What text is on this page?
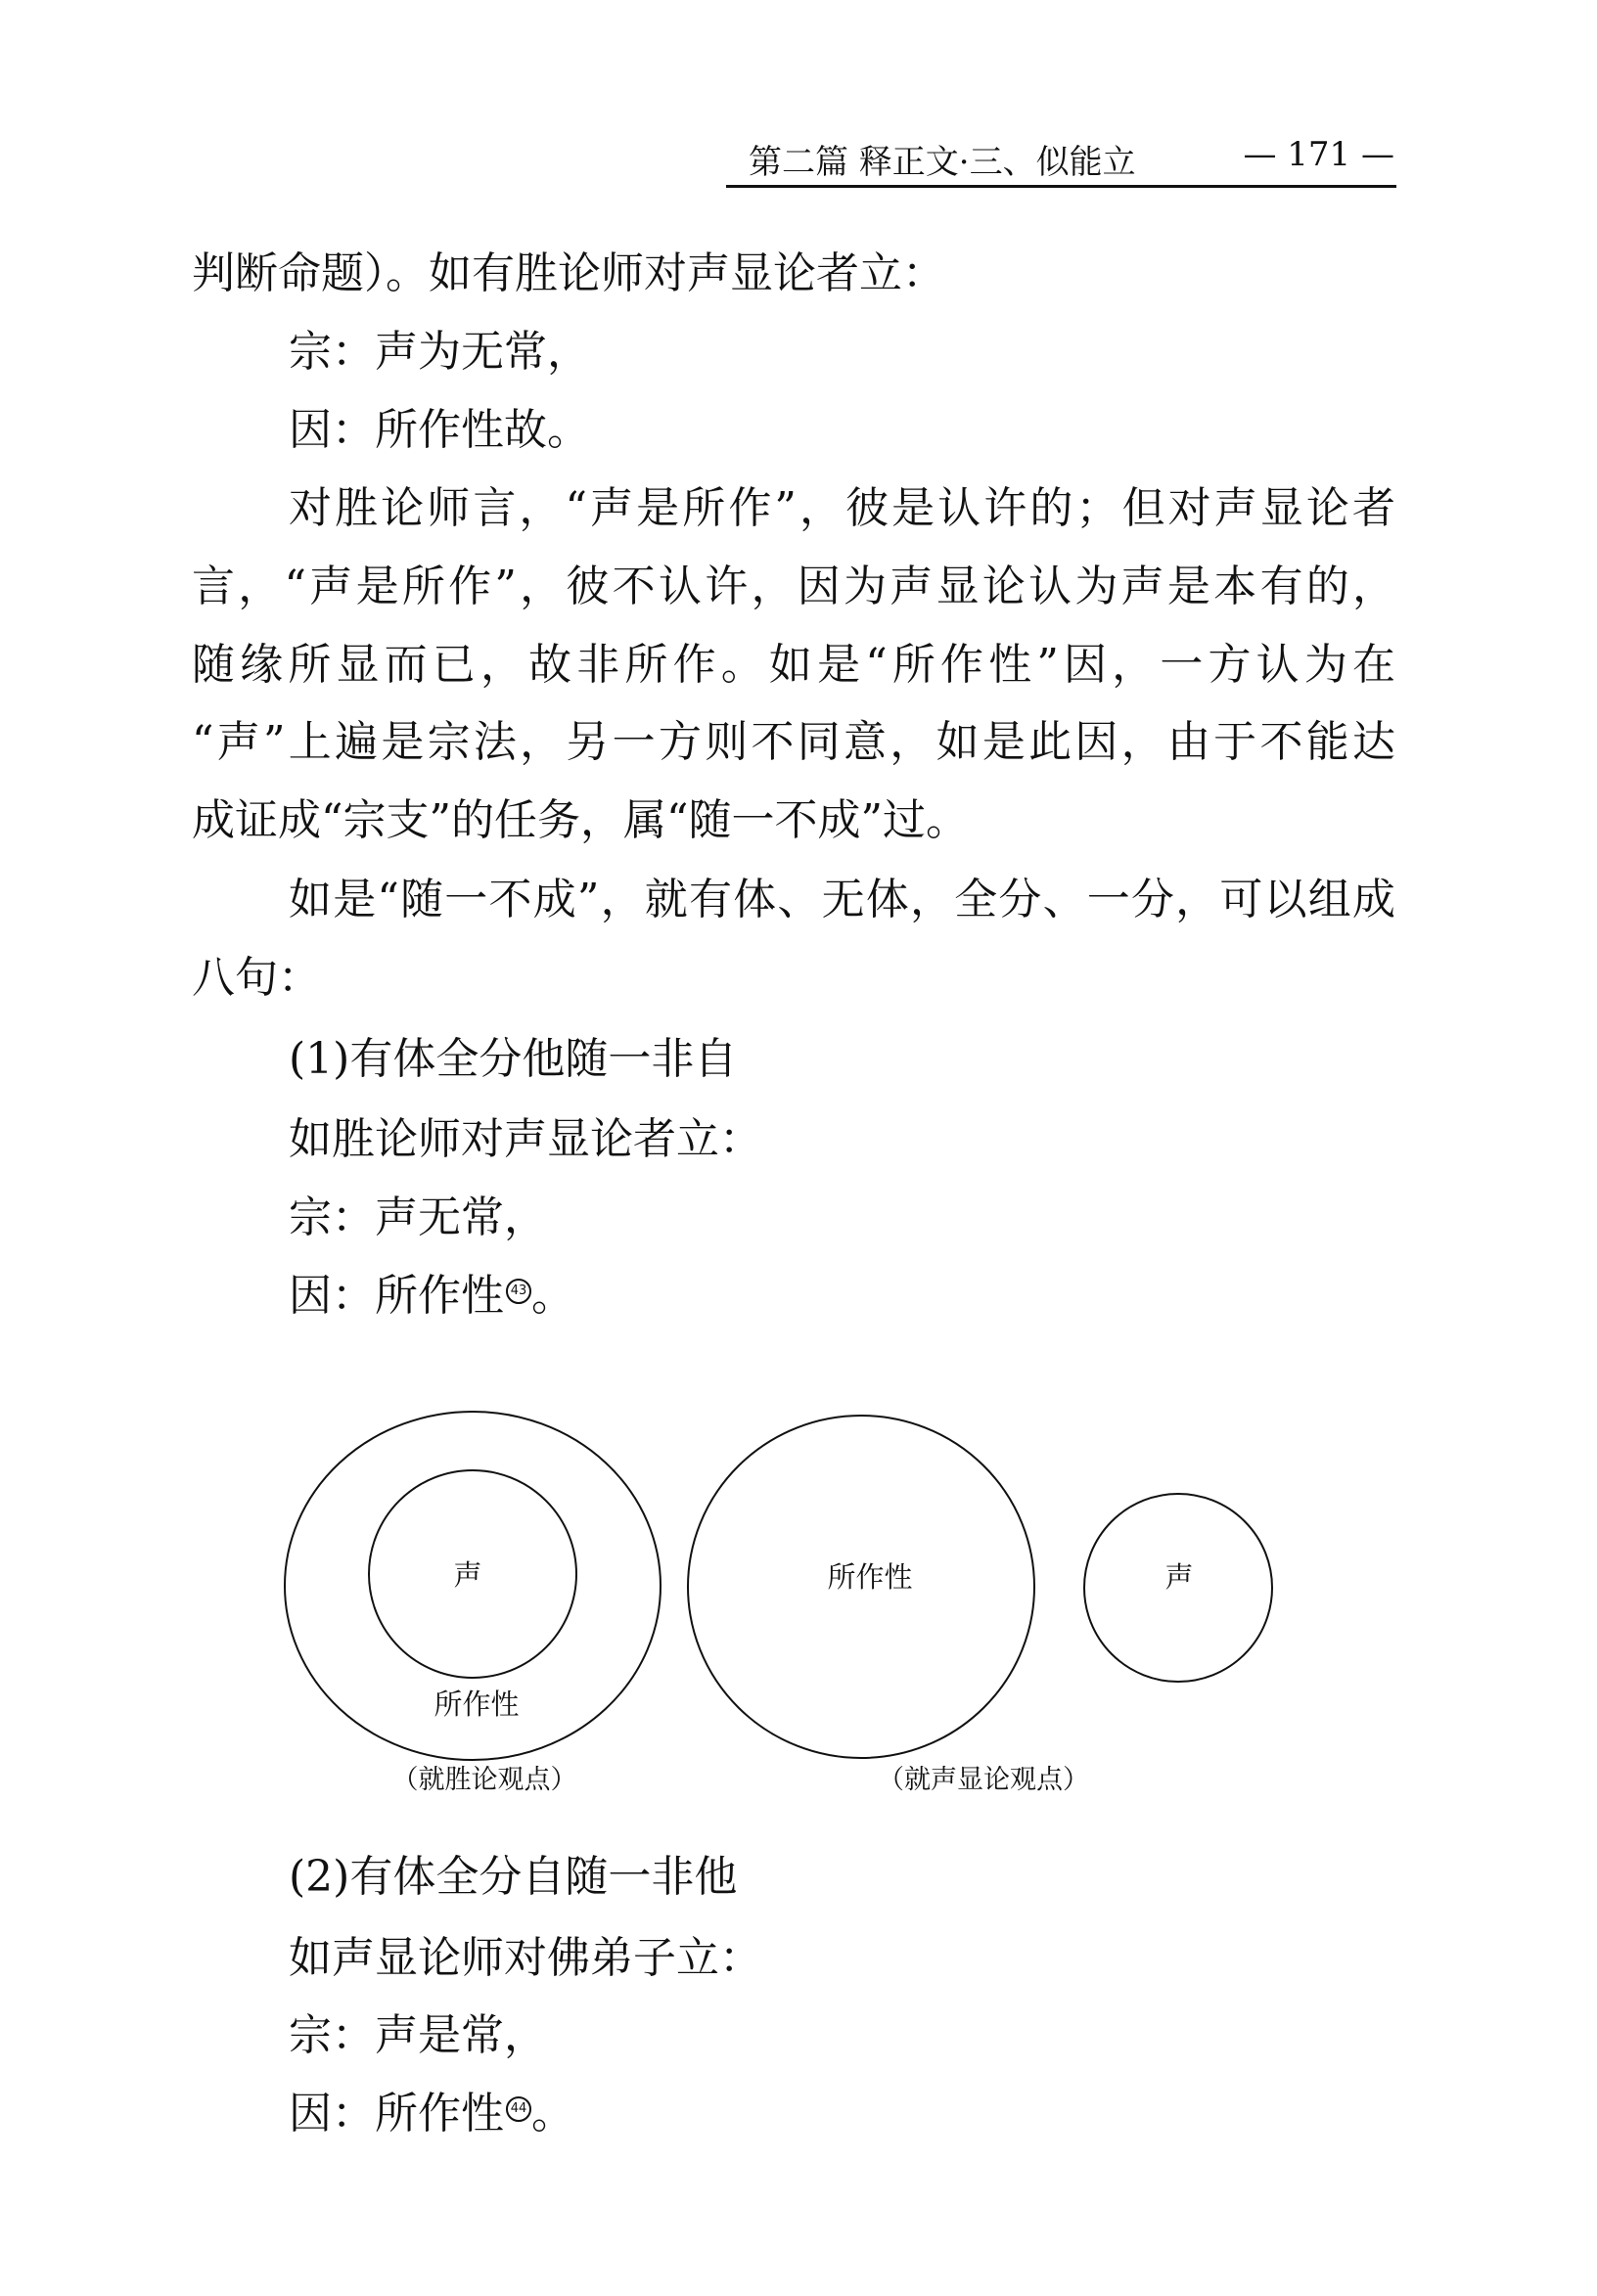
第二篇 释正文·三、似能立	— 171 —
判断命题）。如有胜论师对声显论者立：
宗：声为无常，
因：所作性故。
对胜论师言，“声是所作”，彼是认许的；但对声显论者
言，“声是所作”，彼不认许，因为声显论认为声是本有的，
随缘所显而已，故非所作。如是“所作性”因，一方认为在
“声”上遍是宗法，另一方则不同意，如是此因，由于不能达
成证成“宗支”的任务，属“随一不成”过。
如是“随一不成”，就有体、无体，全分、一分，可以组成
八句：
(1)有体全分他随一非自
如胜论师对声显论者立：
宗：声无常，
因：所作性 43 。
声
所作性
所作性	声
（就胜论观点）	（就声显论观点）
(2)有体全分自随一非他
如声显论师对佛弟子立：
宗：声是常，
因：所作性 44 。
